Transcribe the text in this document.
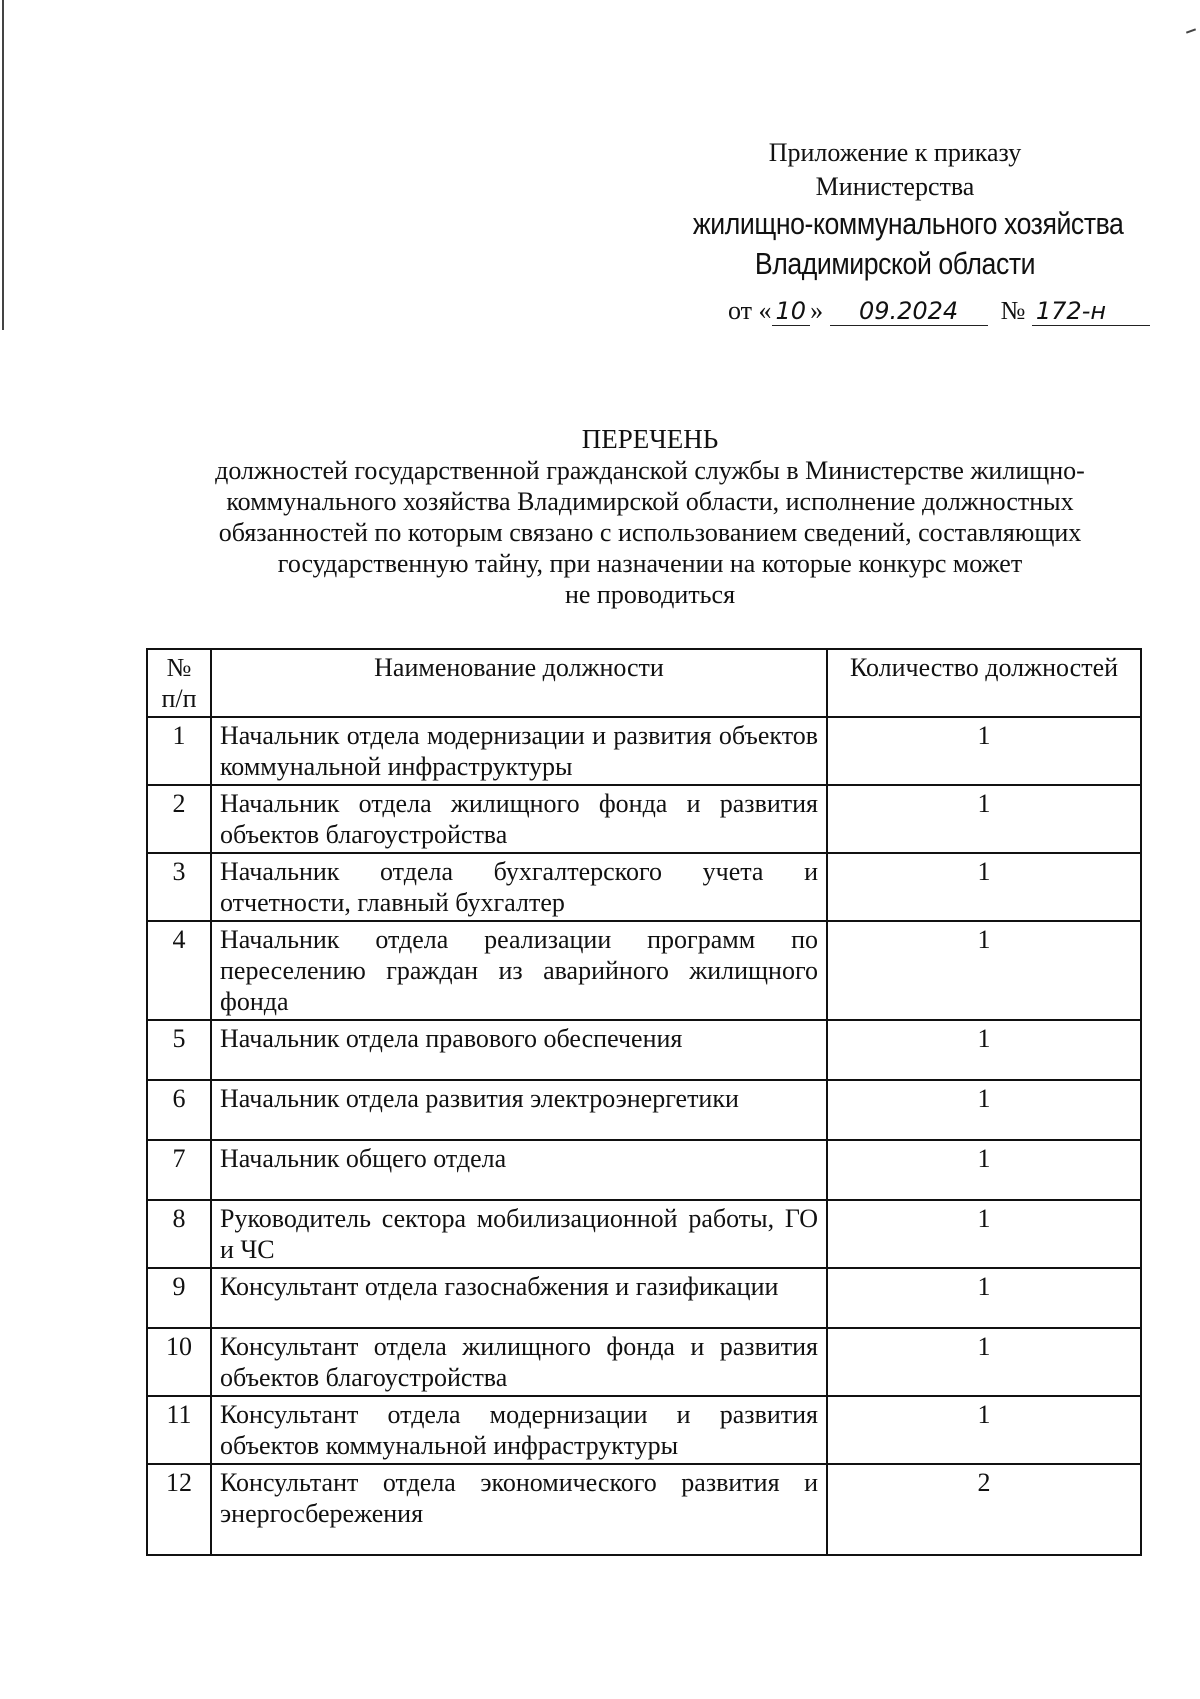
Приложение к приказу
Министерства
жилищно-коммунального хозяйства
Владимирской области
от « 10 » 09.2024 № 172-н
ПЕРЕЧЕНЬ
должностей государственной гражданской службы в Министерстве жилищно-
коммунального хозяйства Владимирской области, исполнение должностных
обязанностей по которым связано с использованием сведений, составляющих
государственную тайну, при назначении на которые конкурс может
не проводиться
№ п/п	Наименование должности	Количество должностей
1	Начальник отдела модернизации и развития объектов коммунальной инфраструктуры	1
2	Начальник отдела жилищного фонда и развития объектов благоустройства	1
3	Начальник отдела бухгалтерского учета и отчетности, главный бухгалтер	1
4	Начальник отдела реализации программ по переселению граждан из аварийного жилищного фонда	1
5	Начальник отдела правового обеспечения	1
6	Начальник отдела развития электроэнергетики	1
7	Начальник общего отдела	1
8	Руководитель сектора мобилизационной работы, ГО и ЧС	1
9	Консультант отдела газоснабжения и газификации	1
10	Консультант отдела жилищного фонда и развития объектов благоустройства	1
11	Консультант отдела модернизации и развития объектов коммунальной инфраструктуры	1
12	Консультант отдела экономического развития и энергосбережения	2
